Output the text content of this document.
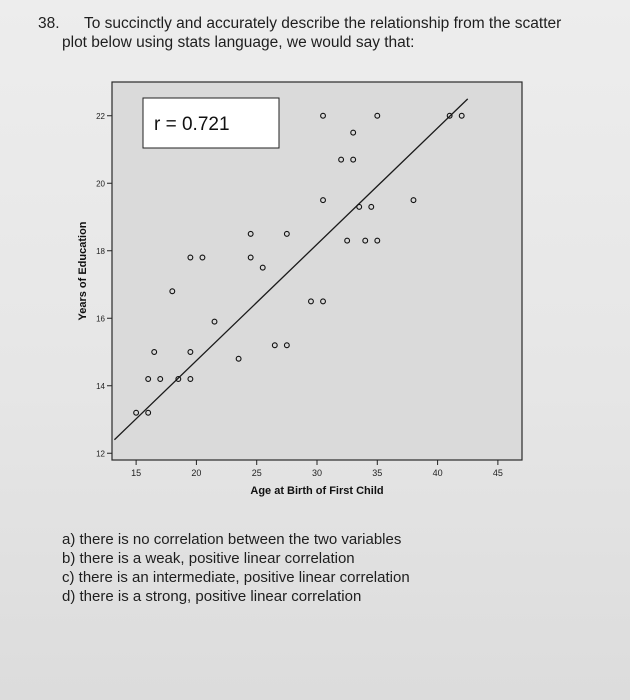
38. To succinctly and accurately describe the relationship from the scatter
plot below using stats language, we would say that:
15	20	25	30	35	40	45
12
14
16
18
20
22	r = 0.721
Age at Birth of First Child
Years of Education
a) there is no correlation between the two variables
b) there is a weak, positive linear correlation
c) there is an intermediate, positive linear correlation
d) there is a strong, positive linear correlation
